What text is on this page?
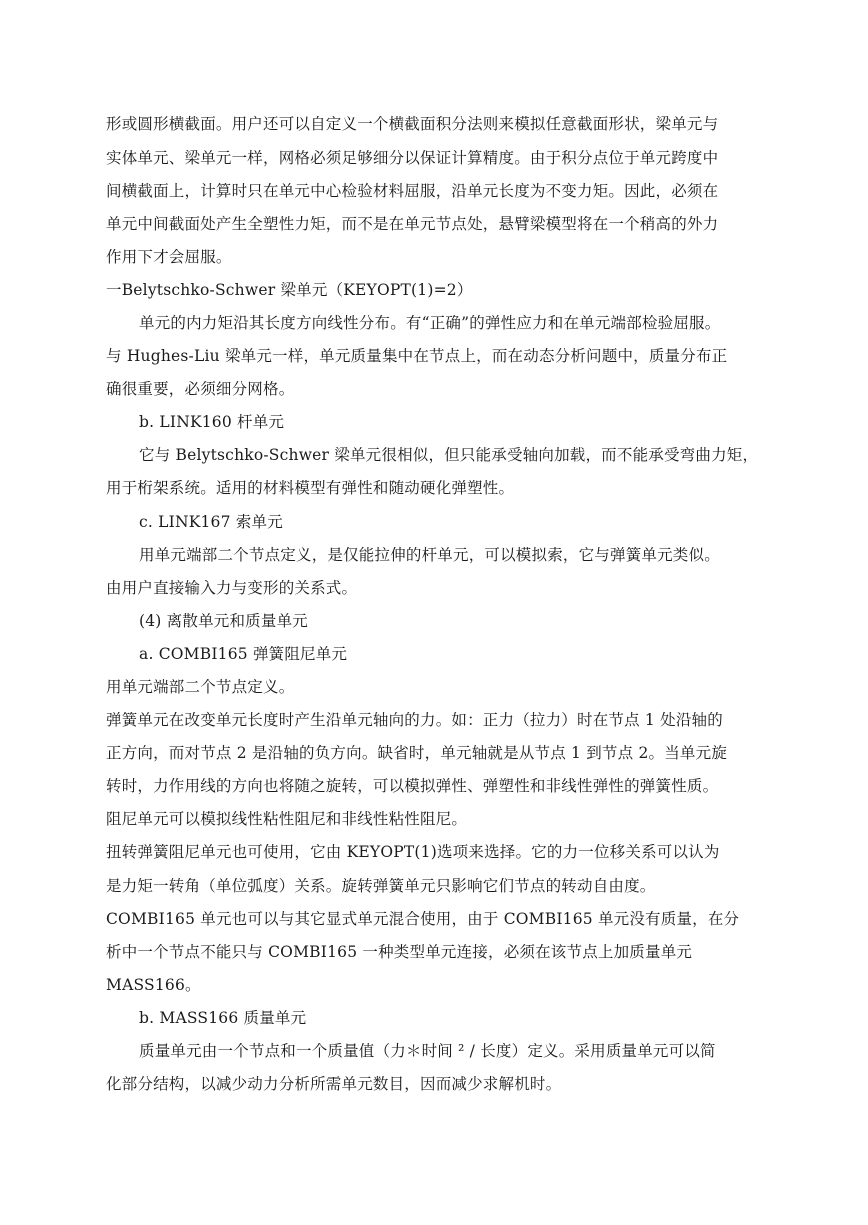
形或圆形横截面。用户还可以自定义一个横截面积分法则来模拟任意截面形状，梁单元与
实体单元、梁单元一样，网格必须足够细分以保证计算精度。由于积分点位于单元跨度中
间横截面上，计算时只在单元中心检验材料屈服，沿单元长度为不变力矩。因此，必须在
单元中间截面处产生全塑性力矩，而不是在单元节点处，悬臂梁模型将在一个稍高的外力
作用下才会屈服。
一Belytschko-Schwer 梁单元（KEYOPT(1)=2）
单元的内力矩沿其长度方向线性分布。有“正确”的弹性应力和在单元端部检验屈服。
与 Hughes-Liu 梁单元一样，单元质量集中在节点上，而在动态分析问题中，质量分布正
确很重要，必须细分网格。
b. LINK160 杆单元
它与 Belytschko-Schwer 梁单元很相似，但只能承受轴向加载，而不能承受弯曲力矩，
用于桁架系统。适用的材料模型有弹性和随动硬化弹塑性。
c. LINK167 索单元
用单元端部二个节点定义，是仅能拉伸的杆单元，可以模拟索，它与弹簧单元类似。
由用户直接输入力与变形的关系式。
(4) 离散单元和质量单元
a. COMBI165 弹簧阻尼单元
用单元端部二个节点定义。
弹簧单元在改变单元长度时产生沿单元轴向的力。如：正力（拉力）时在节点 1 处沿轴的
正方向，而对节点 2 是沿轴的负方向。缺省时，单元轴就是从节点 1 到节点 2。当单元旋
转时，力作用线的方向也将随之旋转，可以模拟弹性、弹塑性和非线性弹性的弹簧性质。
阻尼单元可以模拟线性粘性阻尼和非线性粘性阻尼。
扭转弹簧阻尼单元也可使用，它由 KEYOPT(1)选项来选择。它的力一位移关系可以认为
是力矩一转角（单位弧度）关系。旋转弹簧单元只影响它们节点的转动自由度。
COMBI165 单元也可以与其它显式单元混合使用，由于 COMBI165 单元没有质量，在分
析中一个节点不能只与 COMBI165 一种类型单元连接，必须在该节点上加质量单元
MASS166。
b. MASS166 质量单元
质量单元由一个节点和一个质量值（力＊时间 ² / 长度）定义。采用质量单元可以简
化部分结构，以减少动力分析所需单元数目，因而减少求解机时。
